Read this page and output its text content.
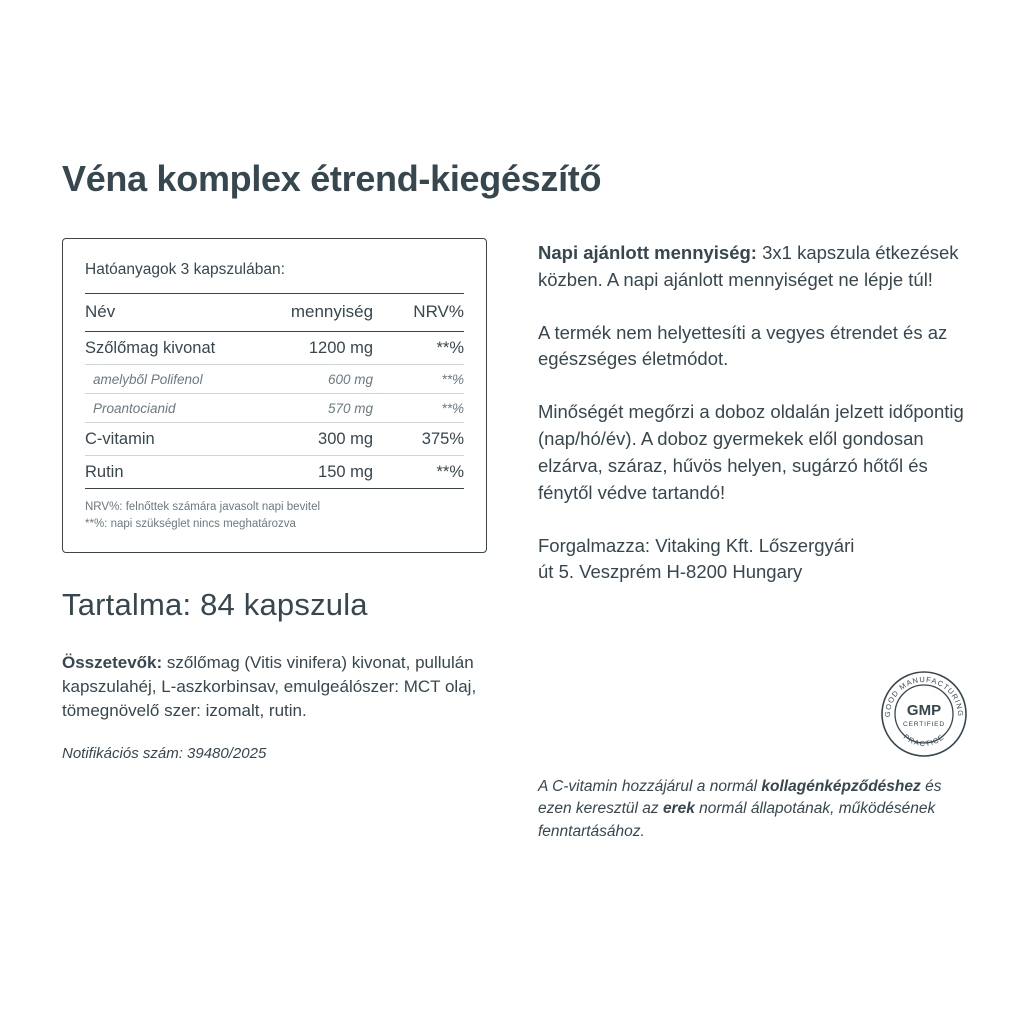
Véna komplex étrend-kiegészítő
Hatóanyagok 3 kapszulában:
Név	mennyiség	NRV%
Szőlőmag kivonat	1200 mg	**%
amelyből Polifenol	600 mg	**%
Proantocianid	570 mg	**%
C-vitamin	300 mg	375%
Rutin	150 mg	**%
NRV%: felnőttek számára javasolt napi bevitel
**%: napi szükséglet nincs meghatározva
Tartalma: 84 kapszula
Összetevők: szőlőmag (Vitis vinifera) kivonat, pullulán kapszulahéj, L-aszkorbinsav, emulgeálószer: MCT olaj, tömegnövelő szer: izomalt, rutin.
Notifikációs szám: 39480/2025
Napi ajánlott mennyiség: 3x1 kapszula étkezések közben. A napi ajánlott mennyiséget ne lépje túl!
A termék nem helyettesíti a vegyes étrendet és az egészséges életmódot.
Minőségét megőrzi a doboz oldalán jelzett időpontig (nap/hó/év). A doboz gyermekek elől gondosan elzárva, száraz, hűvös helyen, sugárzó hőtől és fénytől védve tartandó!
Forgalmazza: Vitaking Kft. Lőszergyári út 5. Veszprém H-8200 Hungary
GOOD MANUFACTURING
PRACTICE
GMP
CERTIFIED
A C-vitamin hozzájárul a normál kollagénképződéshez és ezen keresztül az erek normál állapotának, működésének fenntartásához.
